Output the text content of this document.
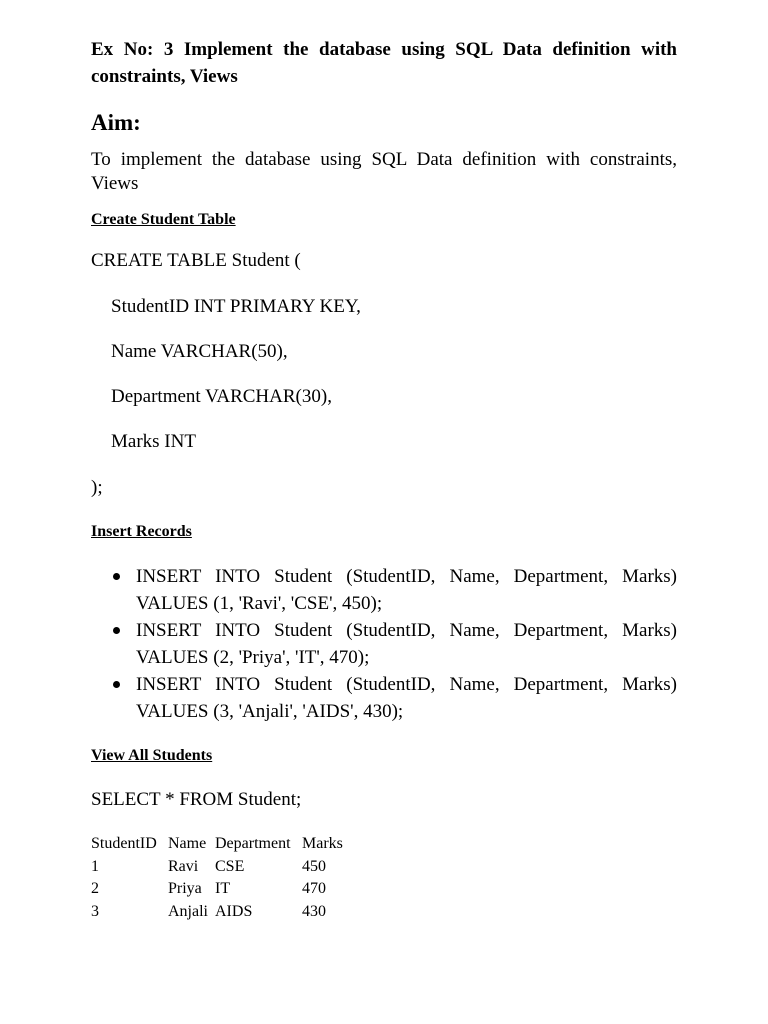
Ex No: 3 Implement the database using SQL Data definition with constraints, Views
Aim:

To implement the database using SQL Data definition with constraints, Views

Create Student Table
CREATE TABLE Student (
StudentID INT PRIMARY KEY,
Name VARCHAR(50),
Department VARCHAR(30),
Marks INT
);
Insert Records
INSERT INTO Student (StudentID, Name, Department, Marks) VALUES (1, 'Ravi', 'CSE', 450);
INSERT INTO Student (StudentID, Name, Department, Marks) VALUES (2, 'Priya', 'IT', 470);
INSERT INTO Student (StudentID, Name, Department, Marks) VALUES (3, 'Anjali', 'AIDS', 430);
View All Students
SELECT * FROM Student;
StudentID	Name	Department	Marks
1	Ravi	CSE	450
2	Priya	IT	470
3	Anjali	AIDS	430
